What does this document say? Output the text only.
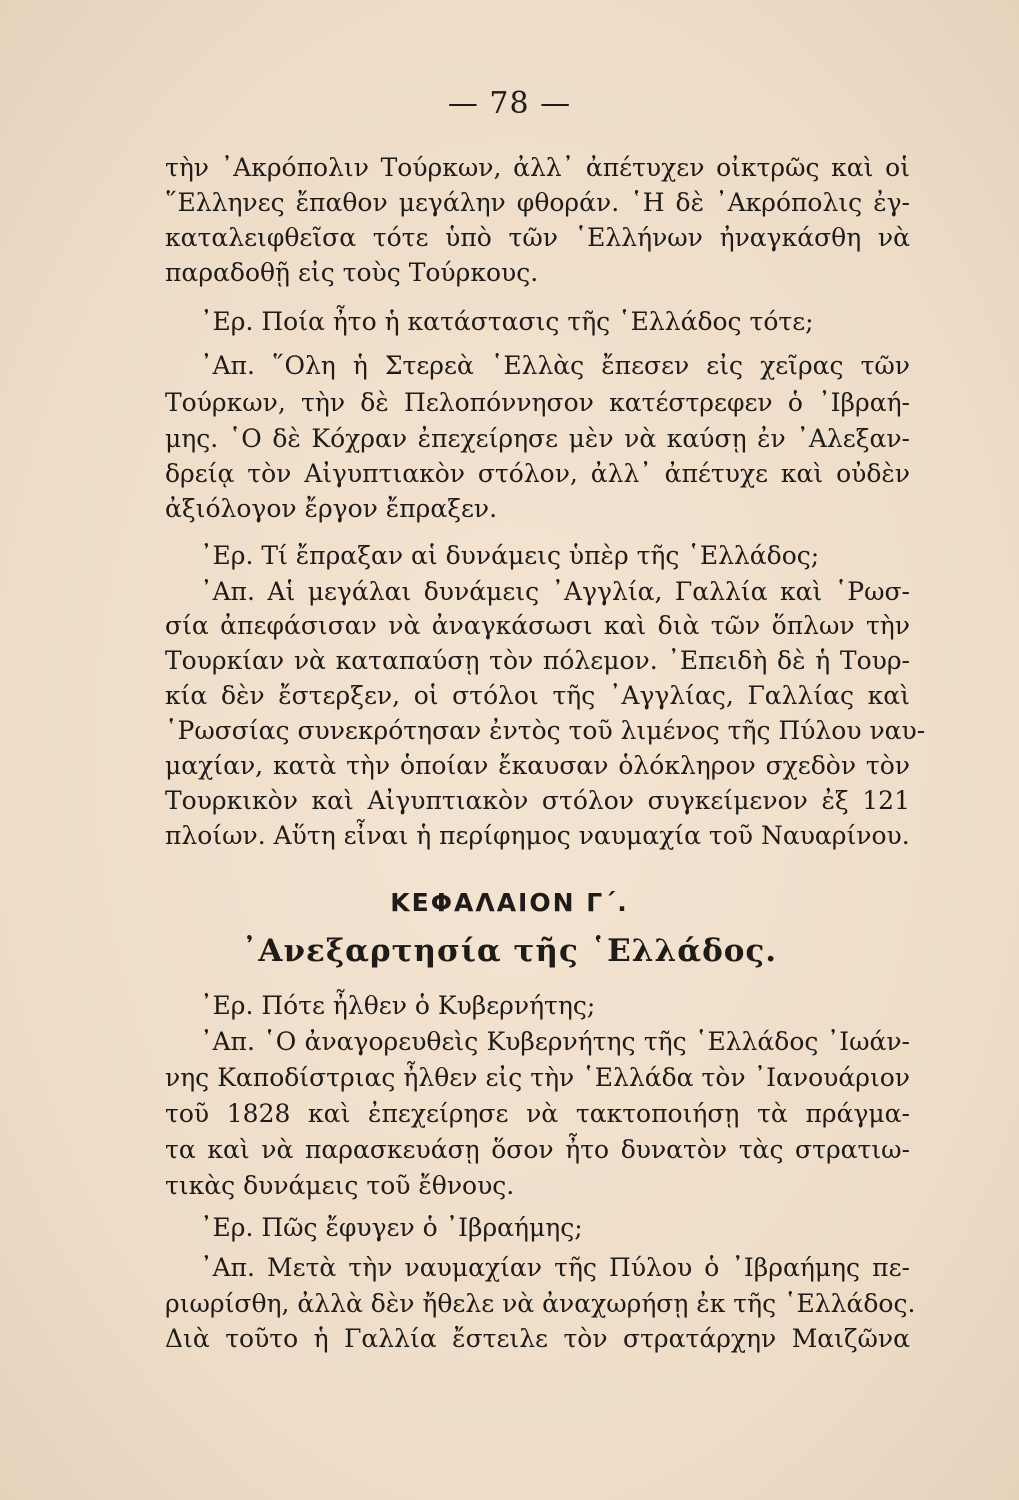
— 78 —
τὴν ᾿Ακρόπολιν Τούρκων, ἀλλ᾿ ἀπέτυχεν οἰκτρῶς καὶ οἱ
῞Ελληνες ἔπαθον μεγάλην φθοράν. ῾Η δὲ ᾿Ακρόπολις ἐγ-
καταλειφθεῖσα τότε ὑπὸ τῶν ῾Ελλήνων ἠναγκάσθη νὰ
παραδοθῇ εἰς τοὺς Τούρκους.
᾿Ερ. Ποία ἦτο ἡ κατάστασις τῆς ῾Ελλάδος τότε;
᾿Απ. ῞Ολη ἡ Στερεὰ ῾Ελλὰς ἔπεσεν εἰς χεῖρας τῶν
Τούρκων, τὴν δὲ Πελοπόννησον κατέστρεφεν ὁ ᾿Ιβραή-
μης. ῾Ο δὲ Κόχραν ἐπεχείρησε μὲν νὰ καύσῃ ἐν ᾿Αλεξαν-
δρείᾳ τὸν Αἰγυπτιακὸν στόλον, ἀλλ᾿ ἀπέτυχε καὶ οὐδὲν
ἀξιόλογον ἔργον ἔπραξεν.
᾿Ερ. Τί ἔπραξαν αἱ δυνάμεις ὑπὲρ τῆς ῾Ελλάδος;
᾿Απ. Αἱ μεγάλαι δυνάμεις ᾿Αγγλία, Γαλλία καὶ ῾Ρωσ-
σία ἀπεφάσισαν νὰ ἀναγκάσωσι καὶ διὰ τῶν ὅπλων τὴν
Τουρκίαν νὰ καταπαύσῃ τὸν πόλεμον. ᾿Επειδὴ δὲ ἡ Τουρ-
κία δὲν ἔστερξεν, οἱ στόλοι τῆς ᾿Αγγλίας, Γαλλίας καὶ
῾Ρωσσίας συνεκρότησαν ἐντὸς τοῦ λιμένος τῆς Πύλου ναυ-
μαχίαν, κατὰ τὴν ὁποίαν ἔκαυσαν ὁλόκληρον σχεδὸν τὸν
Τουρκικὸν καὶ Αἰγυπτιακὸν στόλον συγκείμενον ἐξ 121
πλοίων. Αὕτη εἶναι ἡ περίφημος ναυμαχία τοῦ Ναυαρίνου.
ΚΕΦΑΛΑΙΟΝ Γ΄.
᾿Ανεξαρτησία τῆς ῾Ελλάδος.
᾿Ερ. Πότε ἦλθεν ὁ Κυβερνήτης;
᾿Απ. ῾Ο ἀναγορευθεὶς Κυβερνήτης τῆς ῾Ελλάδος ᾿Ιωάν-
νης Καποδίστριας ἦλθεν εἰς τὴν ῾Ελλάδα τὸν ᾿Ιανουάριον
τοῦ 1828 καὶ ἐπεχείρησε νὰ τακτοποιήσῃ τὰ πράγμα-
τα καὶ νὰ παρασκευάσῃ ὅσον ἦτο δυνατὸν τὰς στρατιω-
τικὰς δυνάμεις τοῦ ἔθνους.
᾿Ερ. Πῶς ἔφυγεν ὁ ᾿Ιβραήμης;
᾿Απ. Μετὰ τὴν ναυμαχίαν τῆς Πύλου ὁ ᾿Ιβραήμης πε-
ριωρίσθη, ἀλλὰ δὲν ἤθελε νὰ ἀναχωρήσῃ ἐκ τῆς ῾Ελλάδος.
Διὰ τοῦτο ἡ Γαλλία ἔστειλε τὸν στρατάρχην Μαιζῶνα
